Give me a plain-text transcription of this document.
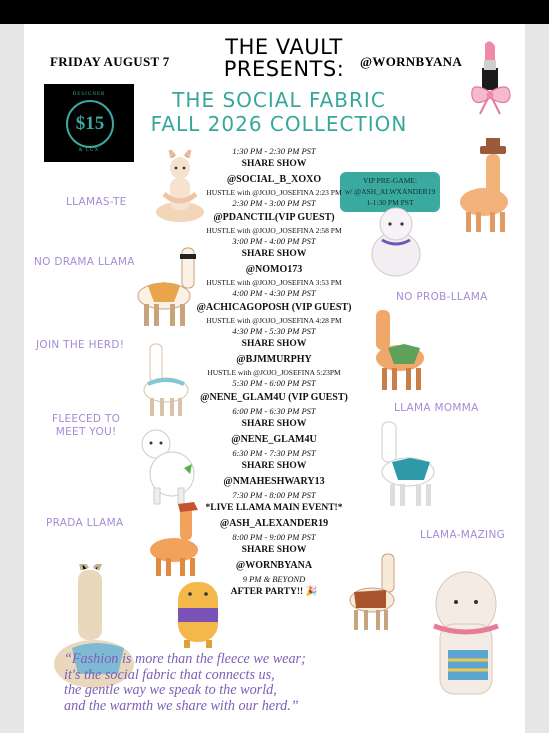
FRIDAY AUGUST 7
THE VAULT PRESENTS:	@WORNBYANA
DESIGNER
$15
& LUX
THE SOCIAL FABRIC
FALL 2026 COLLECTION
VIP PRE-GAME:
w/ @ASH_ALWXANDER19
1-1:30 PM PST
1:30 PM - 2:30 PM PST
SHARE SHOW
@SOCIAL_B_XOXO
HUSTLE with @JOJO_JOSEFINA 2:23 PM
2:30 PM - 3:00 PM PST
@PDANCTIL(VIP GUEST)
HUSTLE with @JOJO_JOSEFINA 2:58 PM
3:00 PM - 4:00 PM PST
SHARE SHOW
@NOMO173
HUSTLE with @JOJO_JOSEFINA 3:53 PM
4:00 PM - 4:30 PM PST
@ACHICAGOPOSH (VIP GUEST)
HUSTLE with @JOJO_JOSEFINA 4:28 PM
4:30 PM - 5:30 PM PST
SHARE SHOW
@BJMMURPHY
HUSTLE with @JOJO_JOSEFINA 5:23PM
5:30 PM - 6:00 PM PST
@NENE_GLAM4U (VIP GUEST)
6:00 PM - 6:30 PM PST
SHARE SHOW
@NENE_GLAM4U
6:30 PM - 7:30 PM PST
SHARE SHOW
@NMAHESHWARY13
7:30 PM - 8:00 PM PST
*LIVE LLAMA MAIN EVENT!*
@ASH_ALEXANDER19
8:00 PM - 9:00 PM PST
SHARE SHOW
@WORNBYANA
9 PM & BEYOND
AFTER PARTY!! 🎉
LLAMAS-TE
NO DRAMA LLAMA
JOIN THE HERD!
FLEECED TO
MEET YOU!
PRADA LLAMA
NO PROB-LLAMA
LLAMA MOMMA
LLAMA-MAZING
“Fashion is more than the fleece we wear;
it's the social fabric that connects us,
the gentle way we speak to the world,
and the warmth we share with our herd.”
